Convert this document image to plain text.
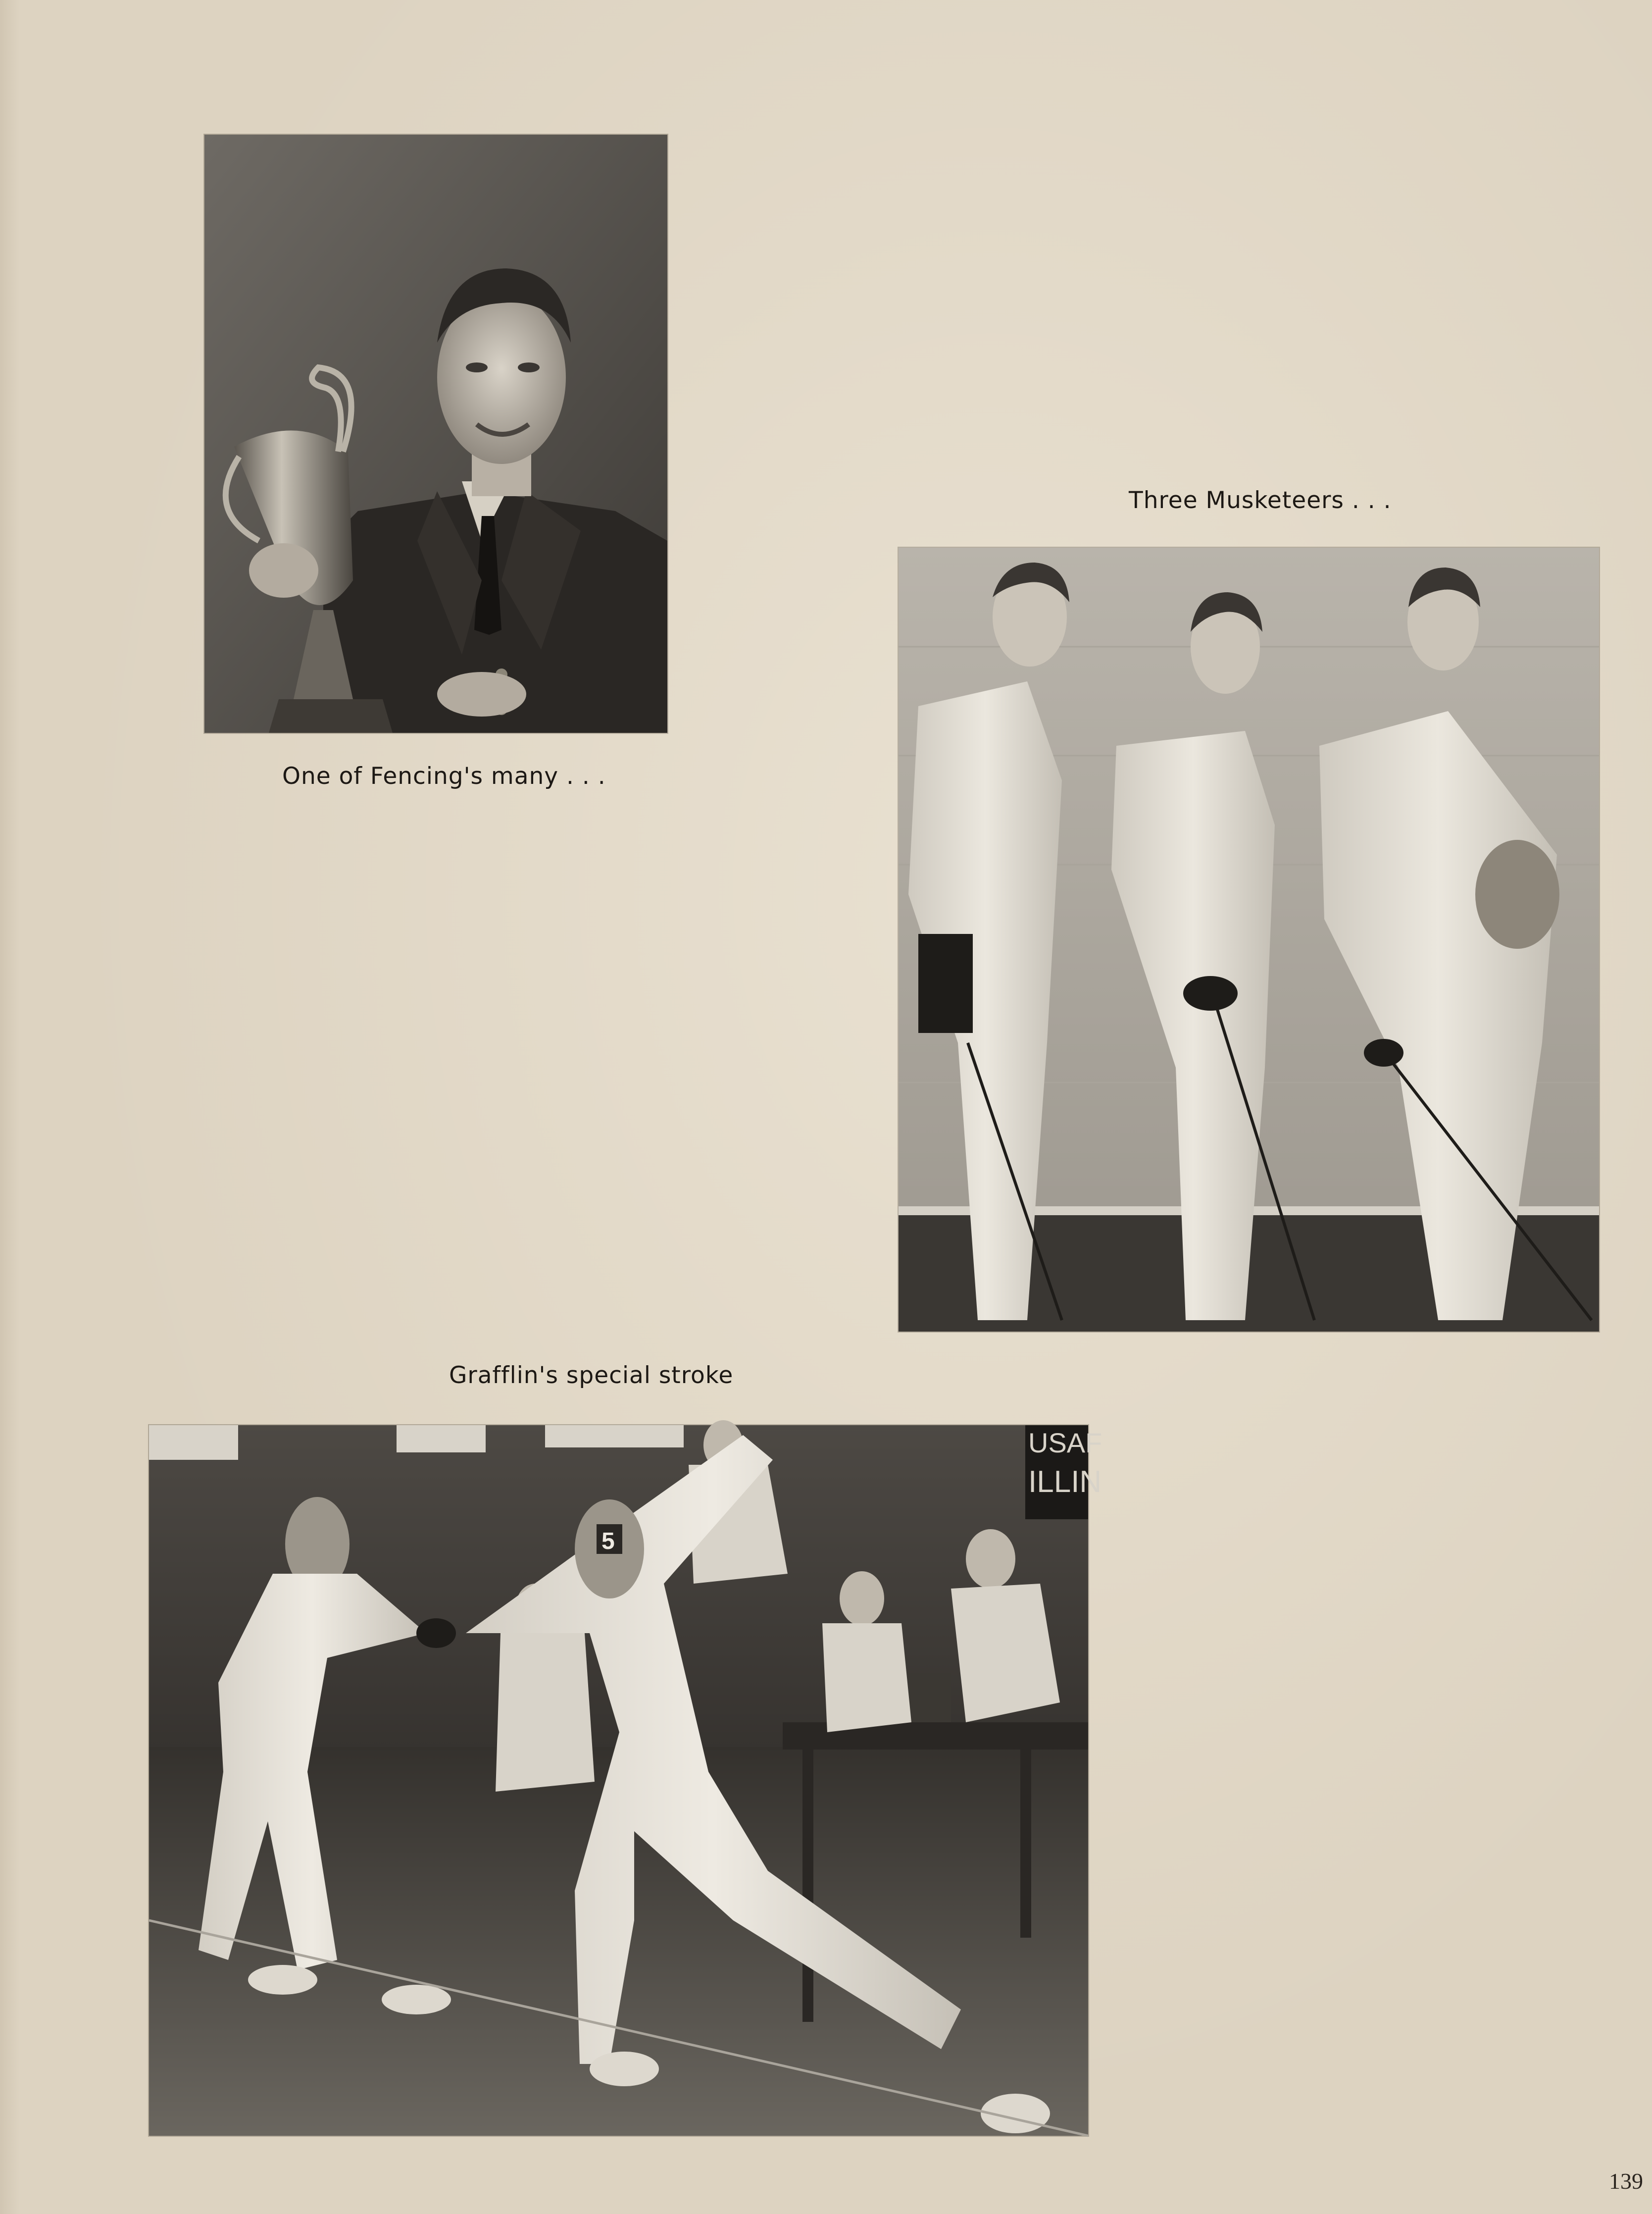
One of Fencing's many . . .
Three Musketeers . . .
Grafflin's special stroke
USAF
ILLIN
5
139
